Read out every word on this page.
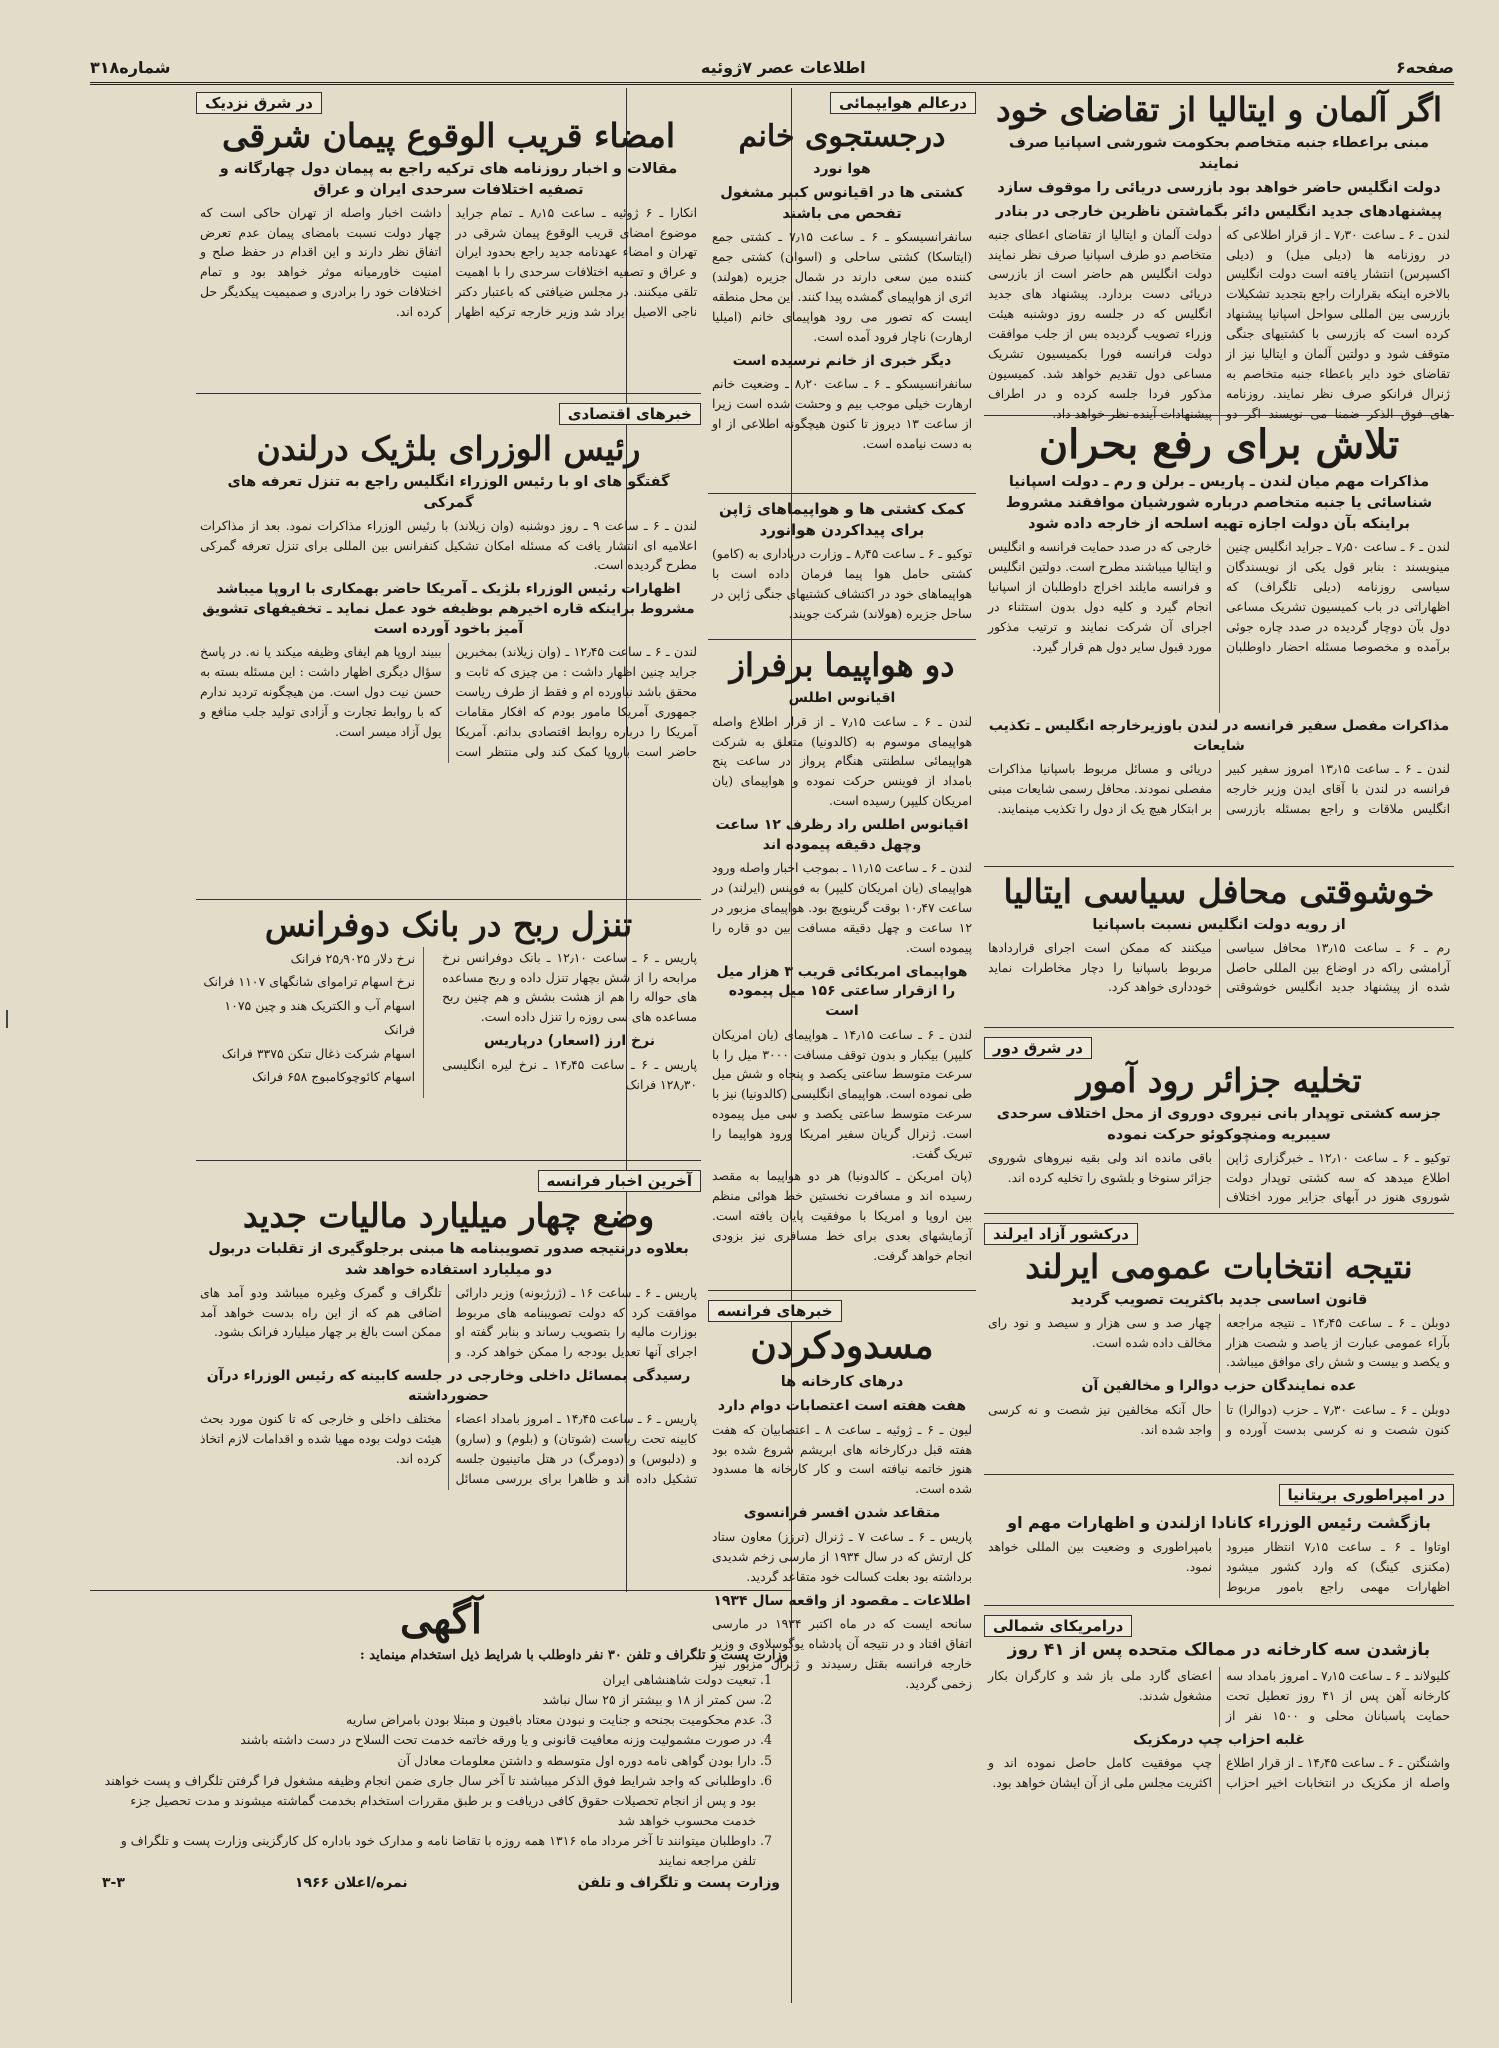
صفحه۶
اطلاعات عصر ۷ژوئیه
شماره۳۱۸
اگر آلمان و ایتالیا از تقاضای خود
مبنی براعطاء جنبه متخاصم بحکومت شورشی اسپانیا صرف نمایند
دولت انگلیس حاضر خواهد بود بازرسی دریائی را موقوف سازد
پیشنهادهای جدید انگلیس دائر بگماشتن ناظرین خارجی در بنادر
لندن ـ ۶ ـ ساعت ۷٫۳۰ ـ از قرار اطلاعی که در روزنامه ها (دیلی میل) و (دیلی اکسپرس) انتشار یافته است دولت انگلیس بالاخره اینکه بقرارات راجع بتجدید تشکیلات بازرسی بین المللی سواحل اسپانیا پیشنهاد کرده است که بازرسی با کشتیهای جنگی متوقف شود و دولتین آلمان و ایتالیا نیز از تقاضای خود دایر باعطاء جنبه متخاصم به ژنرال فرانکو صرف نظر نمایند. روزنامه های فوق الذکر ضمنا می نویسند اگر دو دولت آلمان و ایتالیا از تقاضای اعطای جنبه متخاصم دو طرف اسپانیا صرف نظر نمایند دولت انگلیس هم حاضر است از بازرسی دریائی دست بردارد. پیشنهاد های جدید انگلیس که در جلسه روز دوشنبه هیئت وزراء تصویب گردیده بس از جلب موافقت دولت فرانسه فورا بکمیسیون تشریک مساعی دول تقدیم خواهد شد. کمیسیون مذکور فردا جلسه کرده و در اطراف پیشنهادات آینده نظر خواهد داد.
تلاش برای رفع بحران
مذاکرات مهم میان لندن ـ پاریس ـ برلن و رم ـ دولت اسپانیا شناسائی یا جنبه متخاصم درباره شورشیان موافقند مشروط براینکه بآن دولت اجازه تهیه اسلحه از خارجه داده شود
لندن ـ ۶ ـ ساعت ۷٫۵۰ ـ جراید انگلیس چنین مینویسند : بنابر قول یکی از نویسندگان سیاسی روزنامه (دیلی تلگراف) که اظهاراتی در باب کمیسیون تشریک مساعی دول بآن دوچار گردیده در صدد چاره جوئی برآمده و مخصوصا مسئله احضار داوطلبان خارجی که در صدد حمایت فرانسه و انگلیس و ایتالیا میباشند مطرح است. دولتین انگلیس و فرانسه مایلند اخراج داوطلبان از اسپانیا انجام گیرد و کلیه دول بدون استثناء در اجرای آن شرکت نمایند و ترتیب مذکور مورد قبول سایر دول هم قرار گیرد.
مذاکرات مفصل سفیر فرانسه در لندن باوزیرخارجه انگلیس ـ تکذیب شایعات
لندن ـ ۶ ـ ساعت ۱۳٫۱۵ امروز سفیر کبیر فرانسه در لندن با آقای ایدن وزیر خارجه انگلیس ملاقات و راجع بمسئله بازرسی دریائی و مسائل مربوط باسپانیا مذاکرات مفصلی نمودند. محافل رسمی شایعات مبنی بر ابتکار هیچ یک از دول را تکذیب مینمایند.
خوشوقتی محافل سیاسی ایتالیا
از رویه دولت انگلیس نسبت باسپانیا
رم ـ ۶ ـ ساعت ۱۳٫۱۵ محافل سیاسی آرامشی راکه در اوضاع بین المللی حاصل شده از پیشنهاد جدید انگلیس خوشوقتی میکنند که ممکن است اجرای قراردادها مربوط باسپانیا را دچار مخاطرات نماید خودداری خواهد کرد.
در شرق دور
تخلیه جزائر رود آمور
جزسه کشتی توپدار بانی نیروی دوروی از محل اختلاف سرحدی سیبریه ومنچوکوئو حرکت نموده
توکیو ـ ۶ ـ ساعت ۱۲٫۱۰ ـ خبرگزاری ژاپن اطلاع میدهد که سه کشتی توپدار دولت شوروی هنوز در آبهای جزایر مورد اختلاف باقی مانده اند ولی بقیه نیروهای شوروی جزائر سنوخا و بلشوی را تخلیه کرده اند.
درکشور آزاد ایرلند
نتیجه انتخابات عمومی ایرلند
قانون اساسی جدید باکثریت تصویب گردید
دوبلن ـ ۶ ـ ساعت ۱۴٫۴۵ ـ نتیجه مراجعه بآراء عمومی عبارت از یاصد و شصت هزار و یکصد و بیست و شش رای موافق میباشد. چهار صد و سی هزار و سیصد و نود رای مخالف داده شده است.
عده نمایندگان حزب دوالرا و مخالفین آن
دوبلن ـ ۶ ـ ساعت ۷٫۳۰ ـ حزب (دوالرا) تا کنون شصت و نه کرسی بدست آورده و حال آنکه مخالفین نیز شصت و نه کرسی واجد شده اند.
در امپراطوری بریتانیا
بازگشت رئیس الوزراء کانادا ازلندن و اظهارات مهم او
اوتاوا ـ ۶ ـ ساعت ۷٫۱۵ انتظار میرود (مکنزی کینگ) که وارد کشور میشود اظهارات مهمی راجع بامور مربوط بامپراطوری و وضعیت بین المللی خواهد نمود.
درامریکای شمالی
بازشدن سه کارخانه در ممالک متحده پس از ۴۱ روز
کلیولاند ـ ۶ ـ ساعت ۷٫۱۵ ـ امروز بامداد سه کارخانه آهن پس از ۴۱ روز تعطیل تحت حمایت پاسبانان محلی و ۱۵۰۰ نفر از اعضای گارد ملی باز شد و کارگران بکار مشغول شدند.
غلبه احزاب چپ درمکزیک
واشنگتن ـ ۶ ـ ساعت ۱۴٫۴۵ ـ از قرار اطلاع واصله از مکزیک در انتخابات اخیر احزاب چپ موفقیت کامل حاصل نموده اند و اکثریت مجلس ملی از آن ایشان خواهد بود.
درعالم هوایپمائی
درجستجوی خانم
هوا نورد
کشتی ها در اقیانوس کبیر مشغول تفحص می باشند
سانفرانسیسکو ـ ۶ ـ ساعت ۷٫۱۵ ـ کشتی جمع (ایتاسکا) کشتی ساحلی و (اسوان) کشتی جمع کننده مین سعی دارند در شمال جزیره (هولند) اثری از هواپیمای گمشده پیدا کنند. این محل منطقه ایست که تصور می رود هواپیمای خانم (امیلیا ارهارت) ناچار فرود آمده است.
دیگر خبری از خانم نرسیده است
سانفرانسیسکو ـ ۶ ـ ساعت ۸٫۲۰ ـ وضعیت خانم ارهارت خیلی موجب بیم و وحشت شده است زیرا از ساعت ۱۳ دیروز تا کنون هیچگونه اطلاعی از او به دست نیامده است.
کمک کشتی ها و هواپیماهای ژاپن برای پیداکردن هوانورد
توکیو ـ ۶ ـ ساعت ۸٫۴۵ ـ وزارت دریاداری به (کامو) کشتی حامل هوا پیما فرمان داده است با هواپیماهای خود در اکتشاف کشتیهای جنگی ژاپن در ساحل جزیره (هولاند) شرکت جویند.
دو هواپیما برفراز
اقیانوس اطلس
لندن ـ ۶ ـ ساعت ۷٫۱۵ ـ از قرار اطلاع واصله هواپیمای موسوم به (کالدونیا) متعلق به شرکت هواپیمائی سلطنتی هنگام پرواز در ساعت پنج بامداد از فوینس حرکت نموده و هواپیمای (یان امریکان کلیپر) رسیده است.
اقیانوس اطلس راد رظرف ۱۲ ساعت وچهل دقیقه پیموده اند
لندن ـ ۶ ـ ساعت ۱۱٫۱۵ ـ بموجب اخبار واصله ورود هواپیمای (یان امریکان کلیپر) به فوینس (ایرلند) در ساعت ۱۰٫۴۷ بوقت گرینویچ بود. هواپیمای مزبور در ۱۲ ساعت و چهل دقیقه مسافت بین دو قاره را پیموده است.
هواپیمای امریکائی قریب ۳ هزار میل را ازقرار ساعتی ۱۵۶ میل پیموده است
لندن ـ ۶ ـ ساعت ۱۴٫۱۵ ـ هواپیمای (یان امریکان کلیپر) بیکبار و بدون توقف مسافت ۳۰۰۰ میل را با سرعت متوسط ساعتی یکصد و پنجاه و شش میل طی نموده است. هواپیمای انگلیسی (کالدونیا) نیز با سرعت متوسط ساعتی یکصد و سی میل پیموده است. ژنرال گریان سفیر امریکا ورود هواپیما را تبریک گفت.
(پان امریکن ـ کالدونیا) هر دو هواپیما به مقصد رسیده اند و مسافرت نخستین خط هوائی منظم بین اروپا و امریکا با موفقیت پایان یافته است. آزمایشهای بعدی برای خط مسافری نیز بزودی انجام خواهد گرفت.
خبرهای فرانسه
مسدودکردن
درهای کارخانه ها
هفت هفته است اعتصابات دوام دارد
لیون ـ ۶ ـ ژوئیه ـ ساعت ۸ ـ اعتصابیان که هفت هفته قبل درکارخانه های ابریشم شروع شده بود هنوز خاتمه نیافته است و کار کارخانه ها مسدود شده است.
متقاعد شدن افسر فرانسوی
پاریس ـ ۶ ـ ساعت ۷ ـ ژنرال (ترزز) معاون ستاد کل ارتش که در سال ۱۹۳۴ از مارسی زخم شدیدی برداشته بود بعلت کسالت خود متقاعد گردید.
اطلاعات ـ مقصود از واقعه سال ۱۹۳۴
سانحه ایست که در ماه اکتبر ۱۹۳۴ در مارسی اتفاق افتاد و در نتیجه آن پادشاه یوگوسلاوی و وزیر خارجه فرانسه بقتل رسیدند و ژنرال مزبور نیز زخمی گردید.
در شرق نزدیک
امضاء قریب الوقوع پیمان شرقی
مقالات و اخبار روزنامه های ترکیه راجع به پیمان دول چهارگانه و تصفیه اختلافات سرحدی ایران و عراق
انکارا ـ ۶ ژوئیه ـ ساعت ۸٫۱۵ ـ تمام جراید موضوع امضای قریب الوقوع پیمان شرقی در تهران و امضاء عهدنامه جدید راجع بحدود ایران و عراق و تصفیه اختلافات سرحدی را با اهمیت تلقی میکنند. در مجلس ضیافتی که باعتبار دکتر ناجی الاصیل ایراد شد وزیر خارجه ترکیه اظهار داشت اخبار واصله از تهران حاکی است که چهار دولت نسبت بامضای پیمان عدم تعرض اتفاق نظر دارند و این اقدام در حفظ صلح و امنیت خاورمیانه موثر خواهد بود و تمام اختلافات خود را برادری و صمیمیت پیکدیگر حل کرده اند.
خبرهای اقتصادی
رئیس الوزرای بلژیک درلندن
گفتگو های او با رئیس الوزراء انگلیس راجع به تنزل تعرفه های گمرکی
لندن ـ ۶ ـ ساعت ۹ ـ روز دوشنبه (وان زیلاند) با رئیس الوزراء مذاکرات نمود. بعد از مذاکرات اعلامیه ای انتشار یافت که مسئله امکان تشکیل کنفرانس بین المللی برای تنزل تعرفه گمرکی مطرح گردیده است.
اظهارات رئیس الوزراء بلژیک ـ آمریکا حاضر بهمکاری با اروپا میباشد مشروط براینکه قاره اخیرهم بوظیفه خود عمل نماید ـ تخفیفهای تشویق آمیز باخود آورده است
لندن ـ ۶ ـ ساعت ۱۲٫۴۵ ـ (وان زیلاند) بمخبرین جراید چنین اظهار داشت : من چیزی که ثابت و محقق باشد نیاورده ام و فقط از طرف ریاست جمهوری آمریکا مامور بودم که افکار مقامات آمریکا را درباره روابط اقتصادی بدانم. آمریکا حاضر است باروپا کمک کند ولی منتظر است ببیند اروپا هم ایفای وظیفه میکند یا نه. در پاسخ سؤال دیگری اظهار داشت : این مسئله بسته به حسن نیت دول است. من هیچگونه تردید ندارم که با روابط تجارت و آزادی تولید جلب منافع و یول آزاد میسر است.
تنزل ربح در بانک دوفرانس
پاریس ـ ۶ ـ ساعت ۱۲٫۱۰ ـ بانک دوفرانس نرخ مرابحه را از شش بچهار تنزل داده و ربح مساعده های حواله را هم از هشت بشش و هم چنین ربح مساعده های سی روزه را تنزل داده است.
نرخ ارز (اسعار) درپاریس
پاریس ـ ۶ ـ ساعت ۱۴٫۴۵ ـ نرخ لیره انگلیسی ۱۲۸٫۳۰ فرانک
نرخ دلار ۲۵٫۹۰۲۵ فرانک
نرخ اسهام ترامواى شانگهاى ۱۱۰۷ فرانک
اسهام آب و الکتریک هند و چین ۱۰۷۵ فرانک
اسهام شرکت ذغال تنکن ۳۳۷۵ فرانک
اسهام کائوچوکامبوج ۶۵۸ فرانک
آخرین اخبار فرانسه
وضع چهار میلیارد مالیات جدید
بعلاوه درنتیجه صدور تصویبنامه ها مبنی برجلوگیری از تقلبات دربول دو میلیارد استفاده خواهد شد
پاریس ـ ۶ ـ ساعت ۱۶ ـ (ژرژبونه) وزیر دارائی موافقت کرد که دولت تصویبنامه های مربوط بوزارت مالیه را بتصویب رساند و بنابر گفته او اجرای آنها تعدیل بودجه را ممکن خواهد کرد. و تلگراف و گمرک وغیره میباشد ودو آمد های اضافی هم که از این راه بدست خواهد آمد ممکن است بالغ بر چهار میلیارد فرانک بشود.
رسیدگی بمسائل داخلی وخارجی در جلسه کابینه که رئیس الوزراء درآن حضورداشته
پاریس ـ ۶ ـ ساعت ۱۴٫۴۵ ـ امروز بامداد اعضاء کابینه تحت ریاست (شوتان) و (بلوم) و (سارو) و (دلبوس) و (دومرگ) در هتل ماتینیون جلسه تشکیل داده اند و ظاهرا برای بررسی مسائل مختلف داخلی و خارجی که تا کنون مورد بحث هیئت دولت بوده مهیا شده و اقدامات لازم اتخاذ کرده اند.
آگهی
وزارت پست و تلگراف و تلفن ۳۰ نفر داوطلب با شرایط ذیل استخدام مینماید :
1. تبعیت دولت شاهنشاهی ایران
2. سن کمتر از ۱۸ و بیشتر از ۲۵ سال نباشد
3. عدم محکومیت بجنحه و جنایت و نبودن معتاد بافیون و مبتلا بودن بامراض ساریه
4. در صورت مشمولیت وزنه معافیت قانونی و یا ورقه خاتمه خدمت تحت السلاح در دست داشته باشند
5. دارا بودن گواهی نامه دوره اول متوسطه و داشتن معلومات معادل آن
6. داوطلبانی که واجد شرایط فوق الذکر میباشند تا آخر سال جاری ضمن انجام وظیفه مشغول فرا گرفتن تلگراف و پست خواهند بود و پس از انجام تحصیلات حقوق کافی دریافت و بر طبق مقررات استخدام بخدمت گماشته میشوند و مدت تحصیل جزء خدمت محسوب خواهد شد
7. داوطلبان میتوانند تا آخر مرداد ماه ۱۳۱۶ همه روزه با تقاضا نامه و مدارک خود باداره کل کارگزینی وزارت پست و تلگراف و تلفن مراجعه نمایند
وزارت پست و تلگراف و تلفن
نمره/اعلان ۱۹۶۶
۳-۳
